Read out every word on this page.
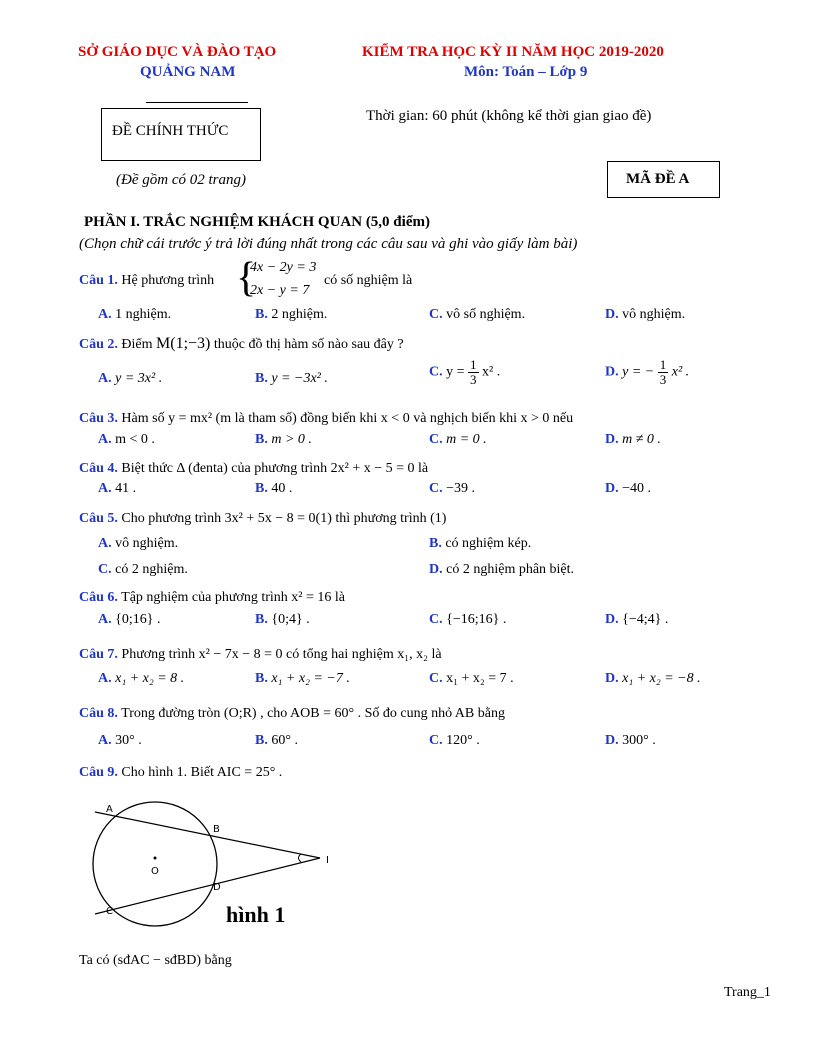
SỞ GIÁO DỤC VÀ ĐÀO TẠO
QUẢNG NAM
KIỂM TRA HỌC KỲ II NĂM HỌC 2019-2020
Môn: Toán – Lớp 9
ĐỀ CHÍNH THỨC
Thời gian: 60 phút (không kể thời gian giao đề)
(Đề gồm có 02 trang)	MÃ ĐỀ A
PHẦN I. TRẮC NGHIỆM KHÁCH QUAN (5,0 điểm)
(Chọn chữ cái trước ý trả lời đúng nhất trong các câu sau và ghi vào giấy làm bài)
Câu 1. Hệ phương trình {
4x − 2y = 3
2x − y = 7
có số nghiệm là
A. 1 nghiệm.	B. 2 nghiệm.	C. vô số nghiệm.	D. vô nghiệm.
Câu 2. Điểm M(1;−3) thuộc đồ thị hàm số nào sau đây ?
A. y = 3x² .	B. y = −3x² .	C. $y = \frac{1}{3} x^2$ .	D. y = − $\frac{1}{3} x^2$ .
Câu 3. Hàm số y = mx² (m là tham số) đồng biến khi x < 0 và nghịch biến khi x > 0 nếu
A. m < 0 .	B. m > 0 .	C. m = 0 .	D. m ≠ 0 .
Câu 4. Biệt thức Δ (đenta) của phương trình 2x² + x − 5 = 0 là
A. 41 .	B. 40 .	C. −39 .	D. −40 .
Câu 5. Cho phương trình 3x² + 5x − 8 = 0(1) thì phương trình (1)
A. vô nghiệm.	B. có nghiệm kép.
C. có 2 nghiệm.	D. có 2 nghiệm phân biệt.
Câu 6. Tập nghiệm của phương trình x² = 16 là
A. {0;16} .	B. {0;4} .	C. {−16;16} .	D. {−4;4} .
Câu 7. Phương trình x² − 7x − 8 = 0 có tổng hai nghiệm x₁, x₂ là
A. x₁ + x₂ = 8 .	B. x₁ + x₂ = −7 .	C. x₁ + x₂ = 7 .	D. x₁ + x₂ = −8 .
Câu 8. Trong đường tròn (O;R) , cho AOB = 60° . Số đo cung nhỏ AB bằng
A. 30° .	B. 60° .	C. 120° .	D. 300° .
Câu 9. Cho hình 1. Biết AIC = 25° .
A
B
C
D
O
I
hình 1
Ta có (sđAC − sđBD) bằng
Trang_1
